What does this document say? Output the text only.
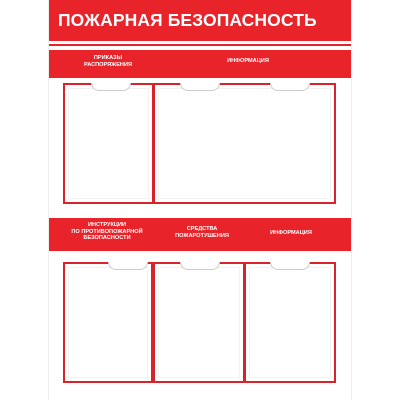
ПОЖАРНАЯ БЕЗОПАСНОСТЬ
ПРИКАЗЫ
РАСПОРЯЖЕНИЯ
ИНФОРМАЦИЯ
ИНСТРУКЦИИ
ПО ПРОТИВОПОЖАРНОЙ
БЕЗОПАСНОСТИ
СРЕДСТВА
ПОЖАРОТУШЕНИЯ	ИНФОРМАЦИЯ
